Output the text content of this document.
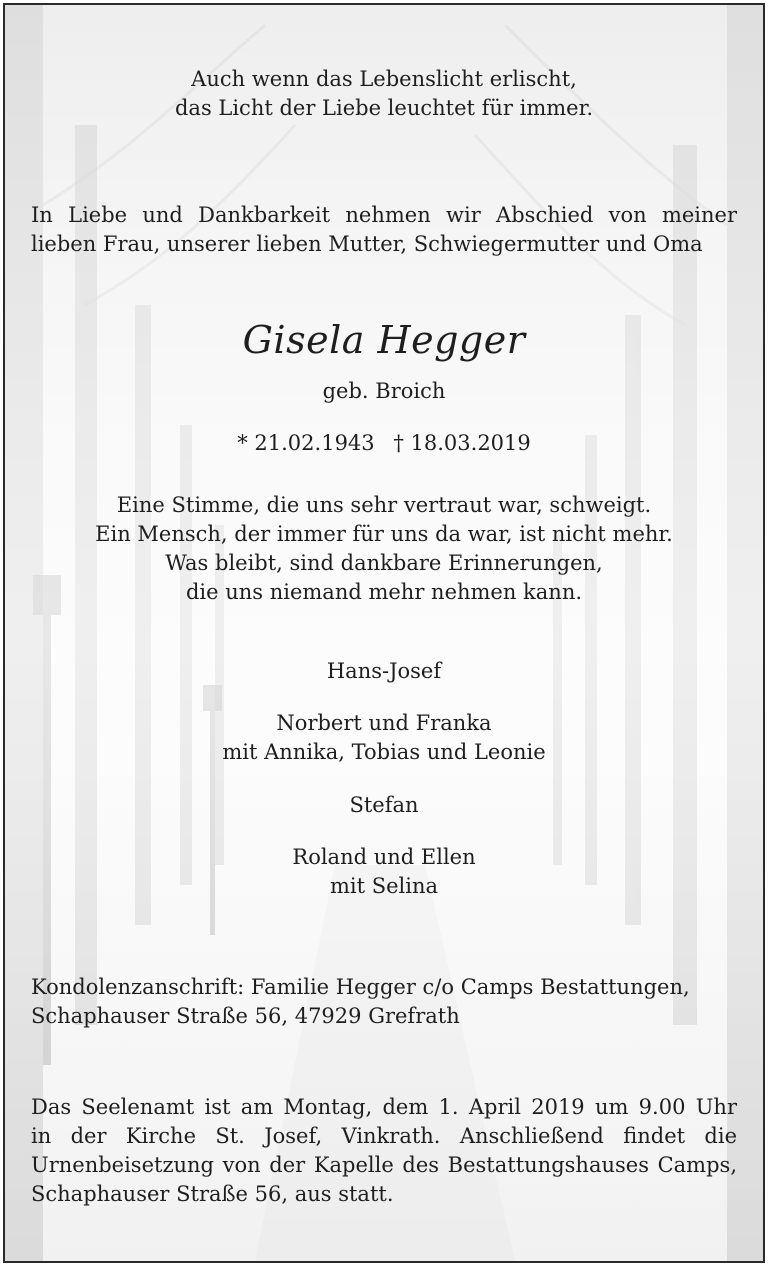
Auch wenn das Lebenslicht erlischt,
das Licht der Liebe leuchtet für immer.
In Liebe und Dankbarkeit nehmen wir Abschied von meiner
lieben Frau, unserer lieben Mutter, Schwiegermutter und Oma
Gisela Hegger
geb. Broich
* 21.02.1943 † 18.03.2019
Eine Stimme, die uns sehr vertraut war, schweigt.
Ein Mensch, der immer für uns da war, ist nicht mehr.
Was bleibt, sind dankbare Erinnerungen,
die uns niemand mehr nehmen kann.
Hans-Josef
Norbert und Franka
mit Annika, Tobias und Leonie
Stefan
Roland und Ellen
mit Selina
Kondolenzanschrift: Familie Hegger c/o Camps Bestattungen,
Schaphauser Straße 56, 47929 Grefrath
Das Seelenamt ist am Montag, dem 1. April 2019 um 9.00 Uhr
in der Kirche St. Josef, Vinkrath. Anschließend findet die
Urnenbeisetzung von der Kapelle des Bestattungshauses Camps,
Schaphauser Straße 56, aus statt.
